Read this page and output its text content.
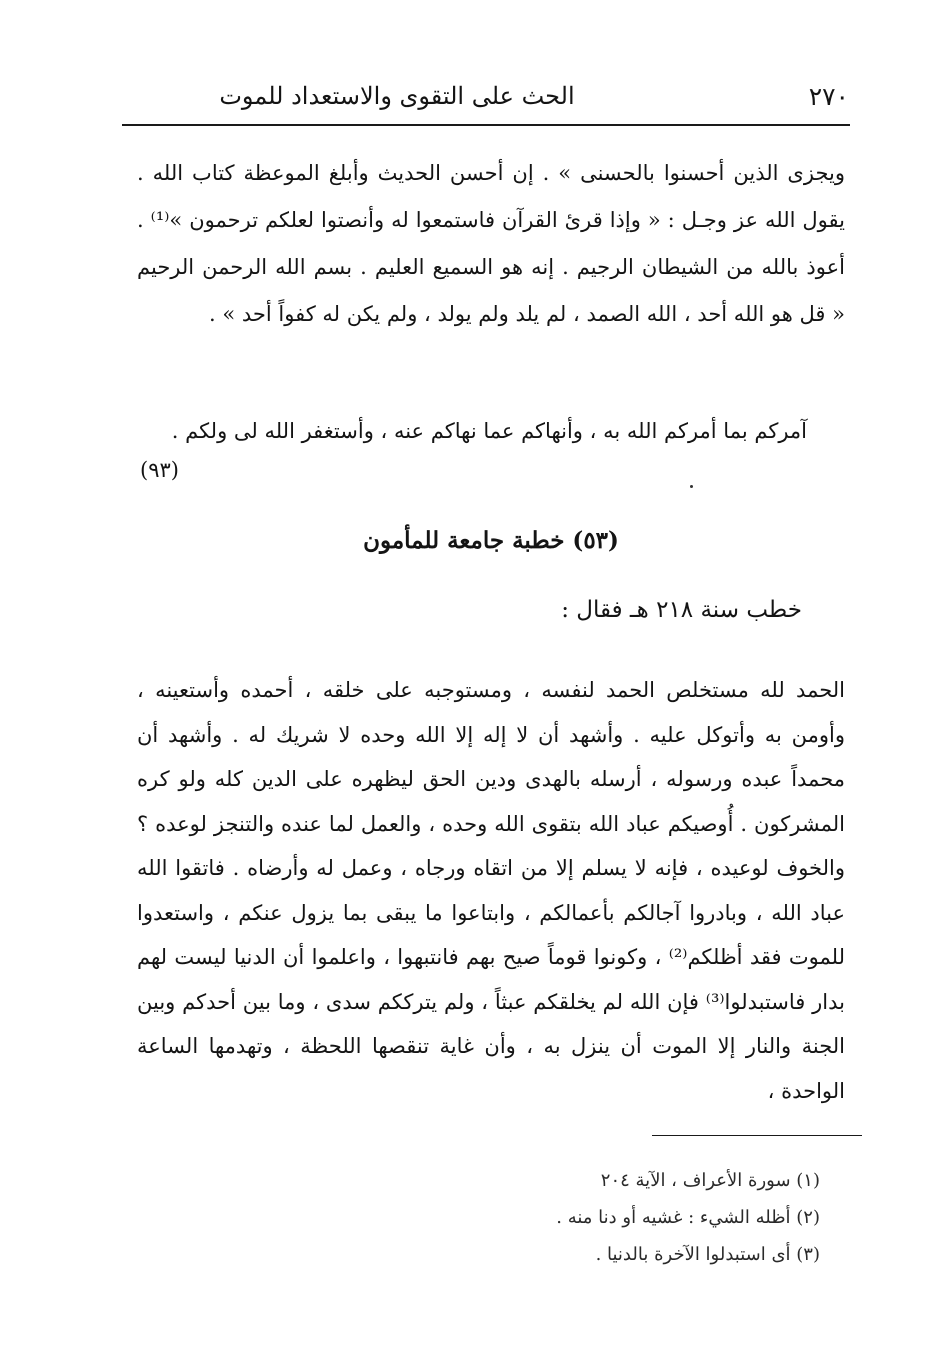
٢٧٠
الحث على التقوى والاستعداد للموت
ويجزى الذين أحسنوا بالحسنى » . إن أحسن الحديث وأبلغ الموعظة كتاب الله . يقول الله عز وجـل : « وإذا قرئ القرآن فاستمعوا له وأنصتوا لعلكم ترحمون »⁽¹⁾ . أعوذ بالله من الشيطان الرجيم . إنه هو السميع العليم . بسم الله الرحمن الرحيم « قل هو الله أحد ، الله الصمد ، لم يلد ولم يولد ، ولم يكن له كفواً أحد » .
آمركم بما أمركم الله به ، وأنهاكم عما نهاكم عنه ، وأستغفر الله لى ولكم .
(٩٣)
(٥٣) خطبة جامعة للمأمون
خطب سنة ٢١٨ هـ فقال :
الحمد لله مستخلص الحمد لنفسه ، ومستوجبه على خلقه ، أحمده وأستعينه ، وأومن به وأتوكل عليه . وأشهد أن لا إله إلا الله وحده لا شريك له . وأشهد أن محمداً عبده ورسوله ، أرسله بالهدى ودين الحق ليظهره على الدين كله ولو كره المشركون . أُوصيكم عباد الله بتقوى الله وحده ، والعمل لما عنده والتنجز لوعده ؟ والخوف لوعيده ، فإنه لا يسلم إلا من اتقاه ورجاه ، وعمل له وأرضاه . فاتقوا الله عباد الله ، وبادروا آجالكم بأعمالكم ، وابتاعوا ما يبقى بما يزول عنكم ، واستعدوا للموت فقد أظلكم⁽²⁾ ، وكونوا قوماً صيح بهم فانتبهوا ، واعلموا أن الدنيا ليست لهم بدار فاستبدلوا⁽³⁾ فإن الله لم يخلقكم عبثاً ، ولم يترككم سدى ، وما بين أحدكم وبين الجنة والنار إلا الموت أن ينزل به ، وأن غاية تنقصها اللحظة ، وتهدمها الساعة الواحدة ،
(١) سورة الأعراف ، الآية ٢٠٤
(٢) أظله الشيء : غشيه أو دنا منه .
(٣) أى استبدلوا الآخرة بالدنيا .
